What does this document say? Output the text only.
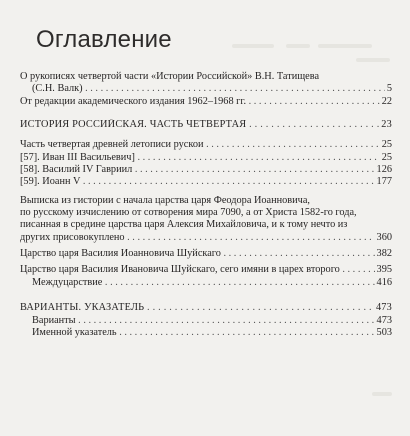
Оглавление
О рукописях четвертой части «Истории Российской» В.Н. Татищева
(С.Н. Валк) . . .	5
От редакции академического издания 1962–1968 гг. . . .	22
ИСТОРИЯ РОССИЙСКАЯ. ЧАСТЬ ЧЕТВЕРТАЯ . . .	23
Часть четвертая древней летописи рускои . . .	25
[57]. Иван III Васильевич] . . .	25
[58]. Василий IV Гавриил . . .	126
[59]. Иоанн V . . .	177
Выписка из гистории с начала царства царя Феодора Иоанновича,
по русскому изчислению от сотворения мира 7090, а от Христа 1582-го года,
писанная в средине царства царя Алексия Михайловича, и к тому нечто из
других присовокуплено . . .	360
Царство царя Василия Иоанновича Шуйскаго . . .	382
Царство царя Василия Ивановича Шуйскаго, сего имяни в царех второго . . .	395
Междуцарствие . . .	416
ВАРИАНТЫ. УКАЗАТЕЛЬ . . .	473
Варианты . . .	473
Именной указатель . . .	503
